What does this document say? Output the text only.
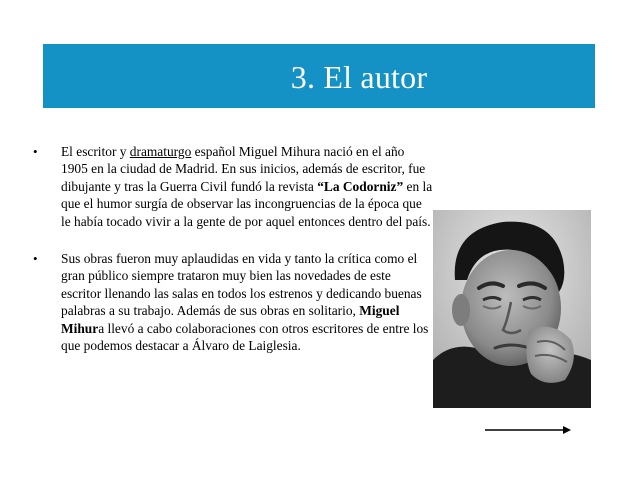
3. El autor

• El escritor y dramaturgo español Miguel Mihura nació en el año 1905 en la ciudad de Madrid. En sus inicios, además de escritor, fue dibujante y tras la Guerra Civil fundó la revista “La Codorniz” en la que el humor surgía de observar las incongruencias de la época que le había tocado vivir a la gente de por aquel entonces dentro del país.

• Sus obras fueron muy aplaudidas en vida y tanto la crítica como el gran público siempre trataron muy bien las novedades de este escritor llenando las salas en todos los estrenos y dedicando buenas palabras a su trabajo. Además de sus obras en solitario, Miguel Mihura llevó a cabo colaboraciones con otros escritores de entre los que podemos destacar a Álvaro de Laiglesia.
